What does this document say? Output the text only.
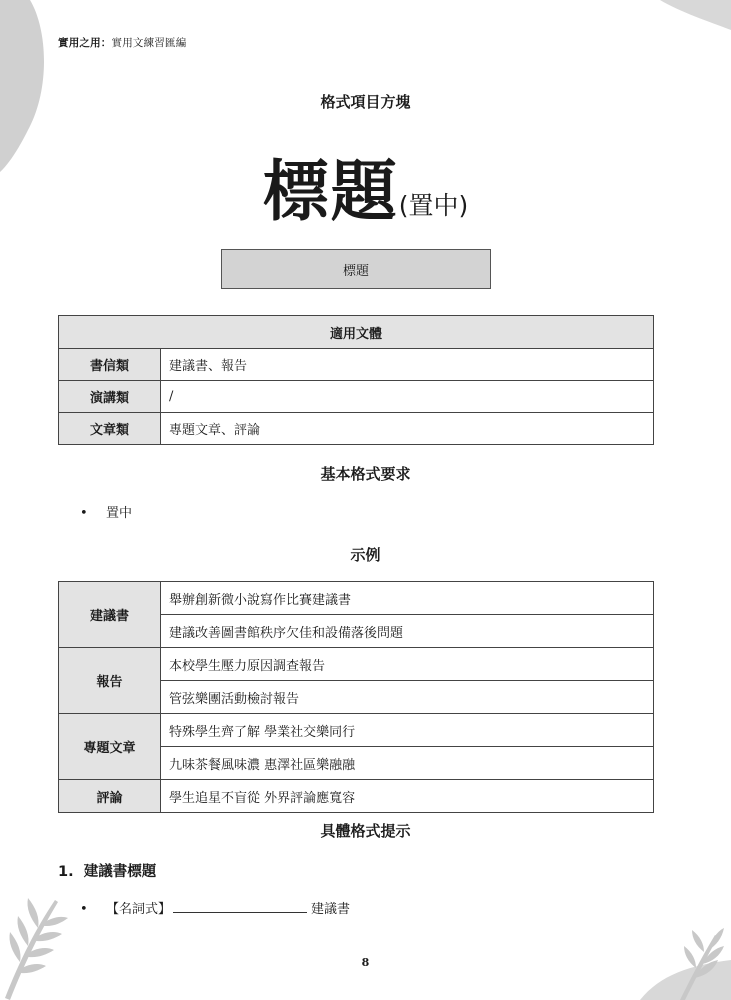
實用之用：實用文練習匯編
格式項目方塊
標題(置中)
標題
適用文體	
書信類	建議書、報告
演講類	/
文章類	專題文章、評論
基本格式要求
• 置中
示例
建議書	舉辦創新微小說寫作比賽建議書
	建議改善圖書館秩序欠佳和設備落後問題
報告	本校學生壓力原因調查報告
	管弦樂團活動檢討報告
專題文章	特殊學生齊了解 學業社交樂同行
	九味茶餐風味濃 惠澤社區樂融融
評論	學生追星不盲從 外界評論應寬容
具體格式提示
1. 建議書標題
• 【名詞式】	建議書
8
